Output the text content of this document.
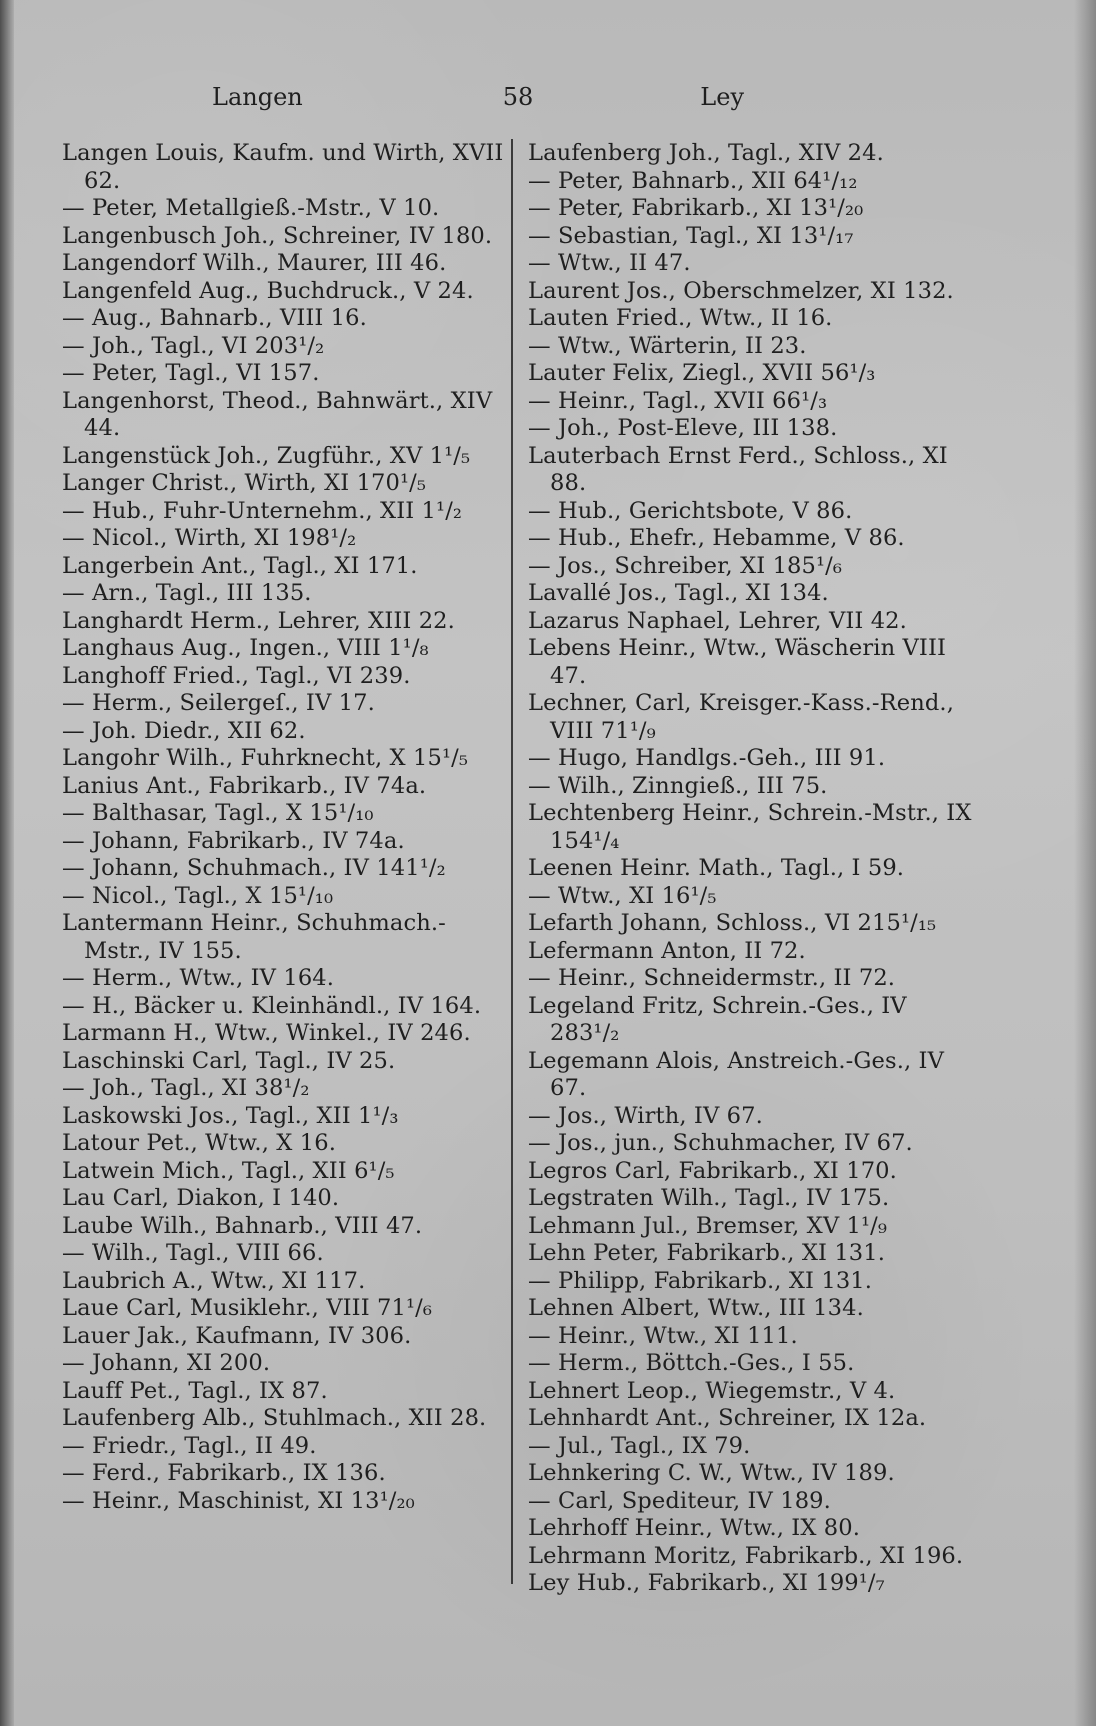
Langen	58	Ley
Langen Louis, Kaufm. und Wirth, XVII 62.
— Peter, Metallgieß.-Mstr., V 10.
Langenbusch Joh., Schreiner, IV 180.
Langendorf Wilh., Maurer, III 46.
Langenfeld Aug., Buchdruck., V 24.
— Aug., Bahnarb., VIII 16.
— Joh., Tagl., VI 203¹/₂
— Peter, Tagl., VI 157.
Langenhorst, Theod., Bahnwärt., XIV 44.
Langenstück Joh., Zugführ., XV 1¹/₅
Langer Christ., Wirth, XI 170¹/₅
— Hub., Fuhr-Unternehm., XII 1¹/₂
— Nicol., Wirth, XI 198¹/₂
Langerbein Ant., Tagl., XI 171.
— Arn., Tagl., III 135.
Langhardt Herm., Lehrer, XIII 22.
Langhaus Aug., Ingen., VIII 1¹/₈
Langhoff Fried., Tagl., VI 239.
— Herm., Seilergeſ., IV 17.
— Joh. Diedr., XII 62.
Langohr Wilh., Fuhrknecht, X 15¹/₅
Lanius Ant., Fabrikarb., IV 74a.
— Balthasar, Tagl., X 15¹/₁₀
— Johann, Fabrikarb., IV 74a.
— Johann, Schuhmach., IV 141¹/₂
— Nicol., Tagl., X 15¹/₁₀
Lantermann Heinr., Schuhmach.-Mstr., IV 155.
— Herm., Wtw., IV 164.
— H., Bäcker u. Kleinhändl., IV 164.
Larmann H., Wtw., Winkel., IV 246.
Laschinski Carl, Tagl., IV 25.
— Joh., Tagl., XI 38¹/₂
Laskowski Jos., Tagl., XII 1¹/₃
Latour Pet., Wtw., X 16.
Latwein Mich., Tagl., XII 6¹/₅
Lau Carl, Diakon, I 140.
Laube Wilh., Bahnarb., VIII 47.
— Wilh., Tagl., VIII 66.
Laubrich A., Wtw., XI 117.
Laue Carl, Musiklehr., VIII 71¹/₆
Lauer Jak., Kaufmann, IV 306.
— Johann, XI 200.
Lauff Pet., Tagl., IX 87.
Laufenberg Alb., Stuhlmach., XII 28.
— Friedr., Tagl., II 49.
— Ferd., Fabrikarb., IX 136.
— Heinr., Maschinist, XI 13¹/₂₀
Laufenberg Joh., Tagl., XIV 24.
— Peter, Bahnarb., XII 64¹/₁₂
— Peter, Fabrikarb., XI 13¹/₂₀
— Sebastian, Tagl., XI 13¹/₁₇
— Wtw., II 47.
Laurent Jos., Oberschmelzer, XI 132.
Lauten Fried., Wtw., II 16.
— Wtw., Wärterin, II 23.
Lauter Felix, Ziegl., XVII 56¹/₃
— Heinr., Tagl., XVII 66¹/₃
— Joh., Post-Eleve, III 138.
Lauterbach Ernst Ferd., Schloss., XI 88.
— Hub., Gerichtsbote, V 86.
— Hub., Ehefr., Hebamme, V 86.
— Jos., Schreiber, XI 185¹/₆
Lavallé Jos., Tagl., XI 134.
Lazarus Naphael, Lehrer, VII 42.
Lebens Heinr., Wtw., Wäscherin VIII 47.
Lechner, Carl, Kreisger.-Kass.-Rend., VIII 71¹/₉
— Hugo, Handlgs.-Geh., III 91.
— Wilh., Zinngieß., III 75.
Lechtenberg Heinr., Schrein.-Mstr., IX 154¹/₄
Leenen Heinr. Math., Tagl., I 59.
— Wtw., XI 16¹/₅
Lefarth Johann, Schloss., VI 215¹/₁₅
Lefermann Anton, II 72.
— Heinr., Schneidermstr., II 72.
Legeland Fritz, Schrein.-Ges., IV 283¹/₂
Legemann Alois, Anstreich.-Ges., IV 67.
— Jos., Wirth, IV 67.
— Jos., jun., Schuhmacher, IV 67.
Legros Carl, Fabrikarb., XI 170.
Legstraten Wilh., Tagl., IV 175.
Lehmann Jul., Bremser, XV 1¹/₉
Lehn Peter, Fabrikarb., XI 131.
— Philipp, Fabrikarb., XI 131.
Lehnen Albert, Wtw., III 134.
— Heinr., Wtw., XI 111.
— Herm., Böttch.-Ges., I 55.
Lehnert Leop., Wiegemstr., V 4.
Lehnhardt Ant., Schreiner, IX 12a.
— Jul., Tagl., IX 79.
Lehnkering C. W., Wtw., IV 189.
— Carl, Spediteur, IV 189.
Lehrhoff Heinr., Wtw., IX 80.
Lehrmann Moritz, Fabrikarb., XI 196.
Ley Hub., Fabrikarb., XI 199¹/₇
